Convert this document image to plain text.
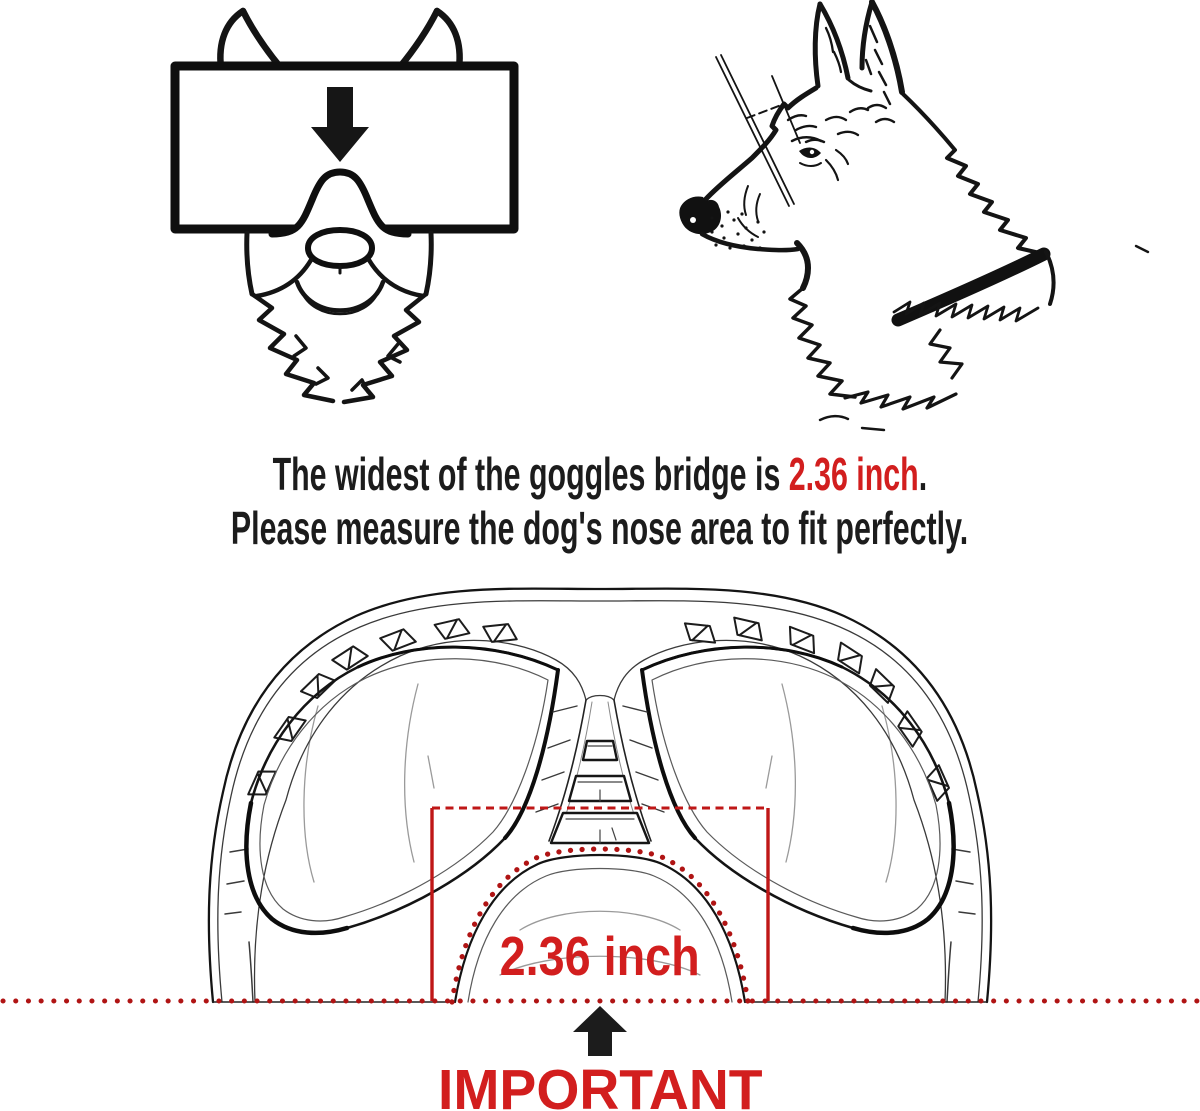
The widest of the goggles bridge is 2.36 inch.
Please measure the dog's nose area to fit perfectly.
2.36 inch
IMPORTANT
